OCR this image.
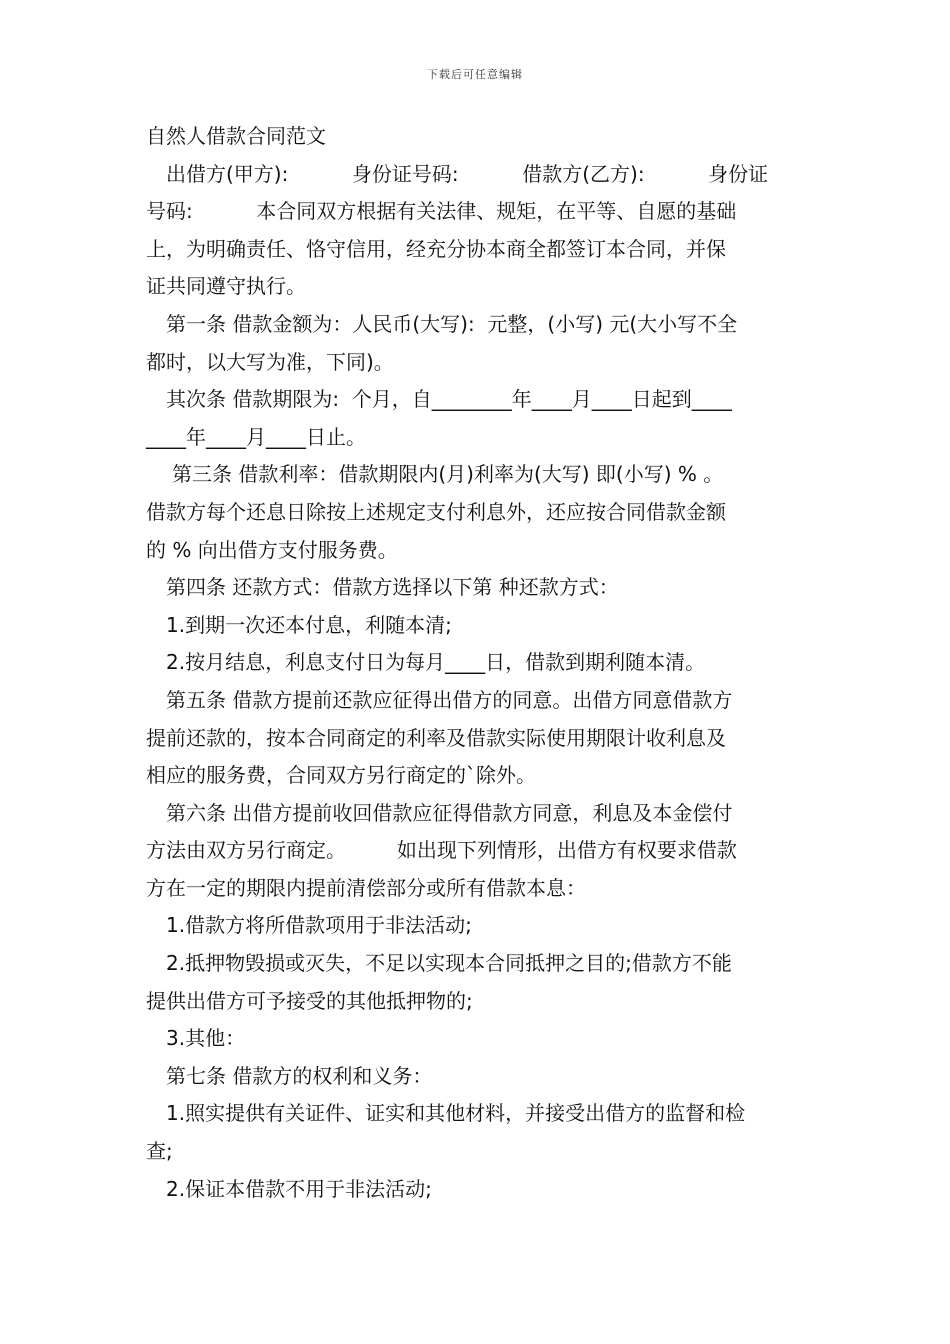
下载后可任意编辑
自然人借款合同范文
出借方(甲方):          身份证号码:          借款方(乙方):          身份证
号码:          本合同双方根据有关法律、规矩，在平等、自愿的基础
上，为明确责任、恪守信用，经充分协本商全都签订本合同，并保
证共同遵守执行。
第一条 借款金额为：人民币(大写):  元整，(小写) 元(大小写不全
都时，以大写为准，下同)。
其次条 借款期限为:  个月，自________年____月____日起到____
____年____月____日止。
第三条 借款利率：借款期限内(月)利率为(大写) 即(小写) % 。
借款方每个还息日除按上述规定支付利息外，还应按合同借款金额
的 % 向出借方支付服务费。
第四条 还款方式：借款方选择以下第 种还款方式：
1.到期一次还本付息，利随本清;
2.按月结息，利息支付日为每月____日，借款到期利随本清。
第五条 借款方提前还款应征得出借方的同意。出借方同意借款方
提前还款的，按本合同商定的利率及借款实际使用期限计收利息及
相应的服务费，合同双方另行商定的`除外。
第六条 出借方提前收回借款应征得借款方同意，利息及本金偿付
方法由双方另行商定。        如出现下列情形，出借方有权要求借款
方在一定的期限内提前清偿部分或所有借款本息：
1.借款方将所借款项用于非法活动;
2.抵押物毁损或灭失，不足以实现本合同抵押之目的;借款方不能
提供出借方可予接受的其他抵押物的;
3.其他：
第七条 借款方的权利和义务：
1.照实提供有关证件、证实和其他材料，并接受出借方的监督和检
查;
2.保证本借款不用于非法活动;
